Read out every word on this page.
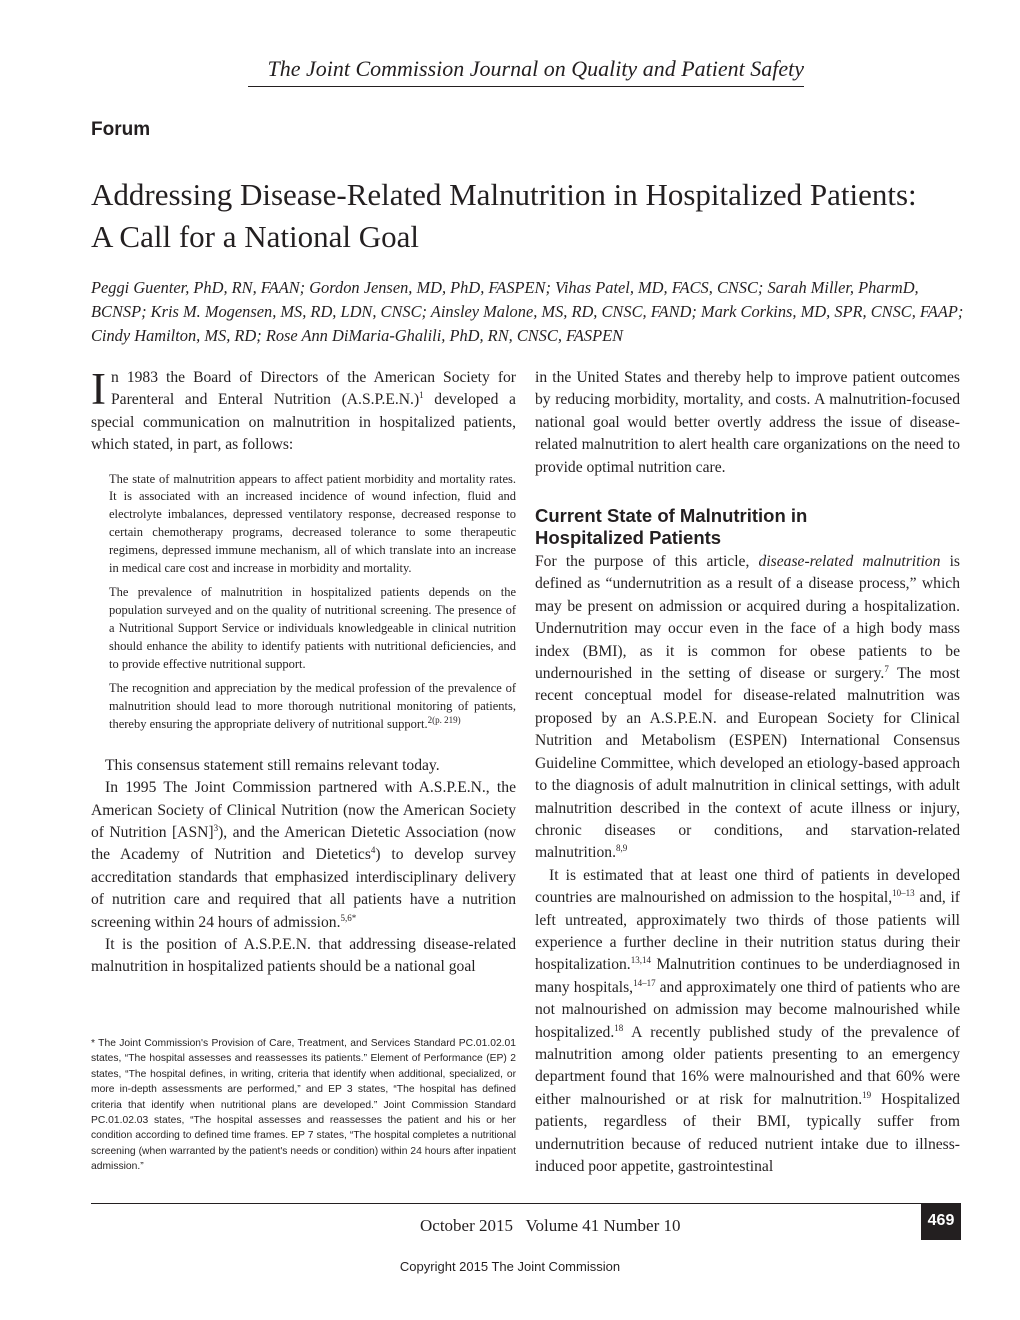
The Joint Commission Journal on Quality and Patient Safety
Forum
Addressing Disease-Related Malnutrition in Hospitalized Patients:
A Call for a National Goal
Peggi Guenter, PhD, RN, FAAN; Gordon Jensen, MD, PhD, FASPEN; Vihas Patel, MD, FACS, CNSC; Sarah Miller, PharmD, BCNSP; Kris M. Mogensen, MS, RD, LDN, CNSC; Ainsley Malone, MS, RD, CNSC, FAND; Mark Corkins, MD, SPR, CNSC, FAAP; Cindy Hamilton, MS, RD; Rose Ann DiMaria-Ghalili, PhD, RN, CNSC, FASPEN

In 1983 the Board of Directors of the American Society for Parenteral and Enteral Nutrition $(A.S.P.E.N.)^1$ developed a special communication on malnutrition in hospitalized patients, which stated, in part, as follows:

The state of malnutrition appears to affect patient morbidity and mortality rates. It is associated with an increased incidence of wound infection, fluid and electrolyte imbalances, depressed ventilatory response, decreased response to certain chemotherapy programs, decreased tolerance to some therapeutic regimens, depressed immune mechanism, all of which translate into an increase in medical care cost and increase in morbidity and mortality.

The prevalence of malnutrition in hospitalized patients depends on the population surveyed and on the quality of nutritional screening. The presence of a Nutritional Support Service or individuals knowledgeable in clinical nutrition should enhance the ability to identify patients with nutritional deficiencies, and to provide effective nutritional support.

The recognition and appreciation by the medical profession of the prevalence of malnutrition should lead to more thorough nutritional monitoring of patients, thereby ensuring the appropriate delivery of nutritional support.$^{2(p. 219)}$

This consensus statement still remains relevant today.

In 1995 The Joint Commission partnered with A.S.P.E.N., the American Society of Clinical Nutrition (now the American Society of Nutrition [ASN]$^3$), and the American Dietetic Association (now the Academy of Nutrition and Dietetics$^4$) to develop survey accreditation standards that emphasized interdisciplinary delivery of nutrition care and required that all patients have a nutrition screening within 24 hours of admission.$^{5,6*}$

It is the position of A.S.P.E.N. that addressing disease-related malnutrition in hospitalized patients should be a national goal

* The Joint Commission's Provision of Care, Treatment, and Services Standard PC.01.02.01 states, “The hospital assesses and reassesses its patients.” Element of Performance (EP) 2 states, “The hospital defines, in writing, criteria that identify when additional, specialized, or more in-depth assessments are performed,” and EP 3 states, “The hospital has defined criteria that identify when nutritional plans are developed.” Joint Commission Standard PC.01.02.03 states, “The hospital assesses and reassesses the patient and his or her condition according to defined time frames. EP 7 states, “The hospital completes a nutritional screening (when warranted by the patient's needs or condition) within 24 hours after inpatient admission.”

in the United States and thereby help to improve patient outcomes by reducing morbidity, mortality, and costs. A malnutrition-focused national goal would better overtly address the issue of disease-related malnutrition to alert health care organizations on the need to provide optimal nutrition care.

Current State of Malnutrition in
Hospitalized Patients

For the purpose of this article, disease-related malnutrition is defined as “undernutrition as a result of a disease process,” which may be present on admission or acquired during a hospitalization. Undernutrition may occur even in the face of a high body mass index (BMI), as it is common for obese patients to be undernourished in the setting of disease or surgery.$^7$ The most recent conceptual model for disease-related malnutrition was proposed by an A.S.P.E.N. and European Society for Clinical Nutrition and Metabolism (ESPEN) International Consensus Guideline Committee, which developed an etiology-based approach to the diagnosis of adult malnutrition in clinical settings, with adult malnutrition described in the context of acute illness or injury, chronic diseases or conditions, and starvation-related malnutrition.$^{8,9}$

It is estimated that at least one third of patients in developed countries are malnourished on admission to the hospital,$^{10-13}$ and, if left untreated, approximately two thirds of those patients will experience a further decline in their nutrition status during their hospitalization.$^{13,14}$ Malnutrition continues to be underdiagnosed in many hospitals,$^{14-17}$ and approximately one third of patients who are not malnourished on admission may become malnourished while hospitalized.$^{18}$ A recently published study of the prevalence of malnutrition among older patients presenting to an emergency department found that 16% were malnourished and that 60% were either malnourished or at risk for malnutrition.$^{19}$ Hospitalized patients, regardless of their BMI, typically suffer from undernutrition because of reduced nutrient intake due to illness-induced poor appetite, gastrointestinal

October 2015   Volume 41 Number 10	469
Copyright 2015 The Joint Commission
